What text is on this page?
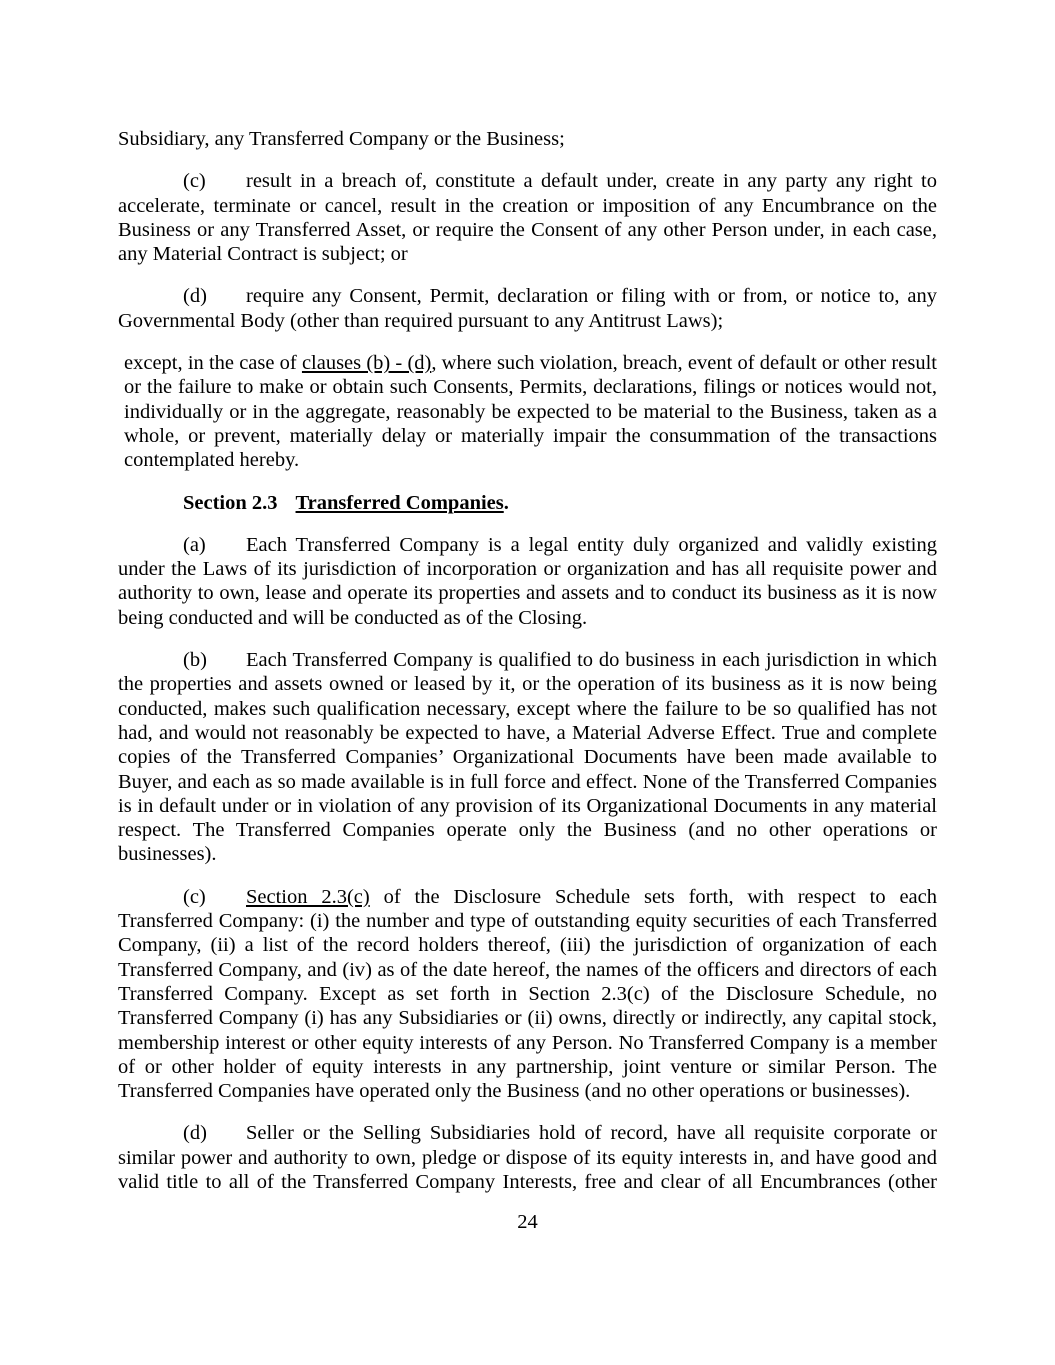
Subsidiary, any Transferred Company or the Business;

(c) result in a breach of, constitute a default under, create in any party any right to accelerate, terminate or cancel, result in the creation or imposition of any Encumbrance on the Business or any Transferred Asset, or require the Consent of any other Person under, in each case, any Material Contract is subject; or

(d) require any Consent, Permit, declaration or filing with or from, or notice to, any Governmental Body (other than required pursuant to any Antitrust Laws);

except, in the case of clauses (b) - (d), where such violation, breach, event of default or other result or the failure to make or obtain such Consents, Permits, declarations, filings or notices would not, individually or in the aggregate, reasonably be expected to be material to the Business, taken as a whole, or prevent, materially delay or materially impair the consummation of the transactions contemplated hereby.

Section 2.3 Transferred Companies.

(a) Each Transferred Company is a legal entity duly organized and validly existing under the Laws of its jurisdiction of incorporation or organization and has all requisite power and authority to own, lease and operate its properties and assets and to conduct its business as it is now being conducted and will be conducted as of the Closing.

(b) Each Transferred Company is qualified to do business in each jurisdiction in which the properties and assets owned or leased by it, or the operation of its business as it is now being conducted, makes such qualification necessary, except where the failure to be so qualified has not had, and would not reasonably be expected to have, a Material Adverse Effect. True and complete copies of the Transferred Companies’ Organizational Documents have been made available to Buyer, and each as so made available is in full force and effect. None of the Transferred Companies is in default under or in violation of any provision of its Organizational Documents in any material respect. The Transferred Companies operate only the Business (and no other operations or businesses).

(c) Section 2.3(c) of the Disclosure Schedule sets forth, with respect to each Transferred Company: (i) the number and type of outstanding equity securities of each Transferred Company, (ii) a list of the record holders thereof, (iii) the jurisdiction of organization of each Transferred Company, and (iv) as of the date hereof, the names of the officers and directors of each Transferred Company. Except as set forth in Section 2.3(c) of the Disclosure Schedule, no Transferred Company (i) has any Subsidiaries or (ii) owns, directly or indirectly, any capital stock, membership interest or other equity interests of any Person. No Transferred Company is a member of or other holder of equity interests in any partnership, joint venture or similar Person. The Transferred Companies have operated only the Business (and no other operations or businesses).

(d) Seller or the Selling Subsidiaries hold of record, have all requisite corporate or similar power and authority to own, pledge or dispose of its equity interests in, and have good and valid title to all of the Transferred Company Interests, free and clear of all Encumbrances (other

24
